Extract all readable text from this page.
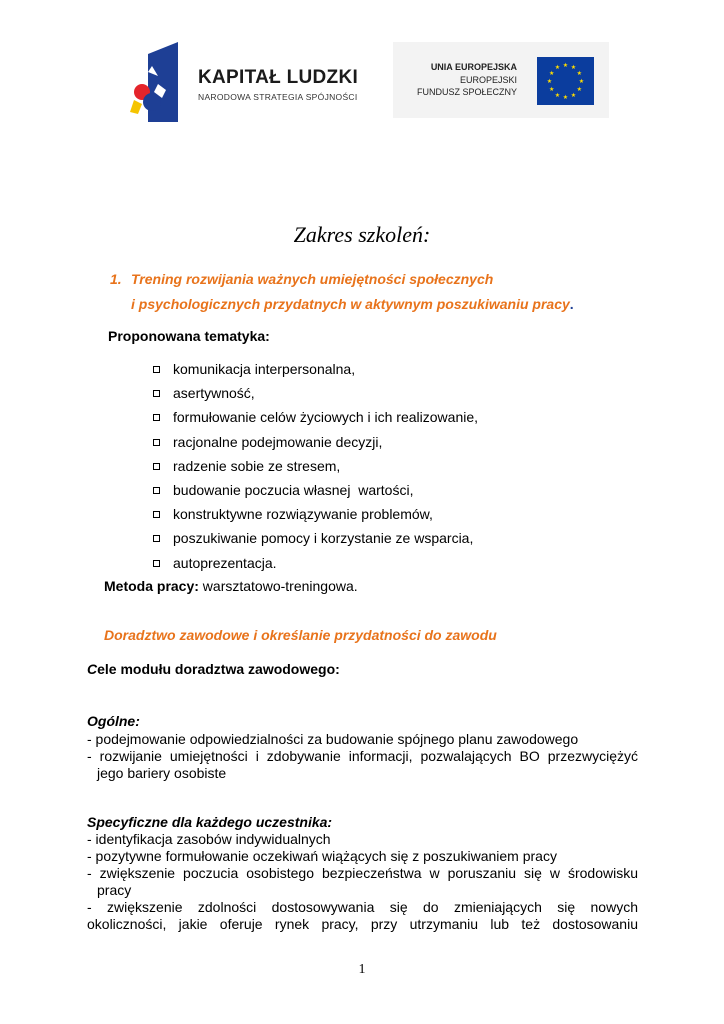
KAPITAŁ LUDZKI
NARODOWA STRATEGIA SPÓJNOŚCI
UNIA EUROPEJSKA
EUROPEJSKI
FUNDUSZ SPOŁECZNY
★ ★
★
★
★
★
★
★
★
★
★
★
Zakres szkoleń:
1. Trening rozwijania ważnych umiejętności społecznych
i psychologicznych przydatnych w aktywnym poszukiwaniu pracy.
Proponowana tematyka:
komunikacja interpersonalna,
asertywność,
formułowanie celów życiowych i ich realizowanie,
racjonalne podejmowanie decyzji,
radzenie sobie ze stresem,
budowanie poczucia własnej  wartości,
konstruktywne rozwiązywanie problemów,
poszukiwanie pomocy i korzystanie ze wsparcia,
autoprezentacja.
Metoda pracy: warsztatowo-treningowa.
Doradztwo zawodowe i określanie przydatności do zawodu
Cele modułu doradztwa zawodowego:
Ogólne:
- podejmowanie odpowiedzialności za budowanie spójnego planu zawodowego
- rozwijanie umiejętności i zdobywanie informacji, pozwalających BO przezwyciężyć
jego bariery osobiste
Specyficzne dla każdego uczestnika:
- identyfikacja zasobów indywidualnych
- pozytywne formułowanie oczekiwań wiążących się z poszukiwaniem pracy
- zwiększenie poczucia osobistego bezpieczeństwa w poruszaniu się w środowisku
pracy
- zwiększenie zdolności dostosowywania się do zmieniających się nowych
okoliczności, jakie oferuje rynek pracy, przy utrzymaniu lub też dostosowaniu
1
